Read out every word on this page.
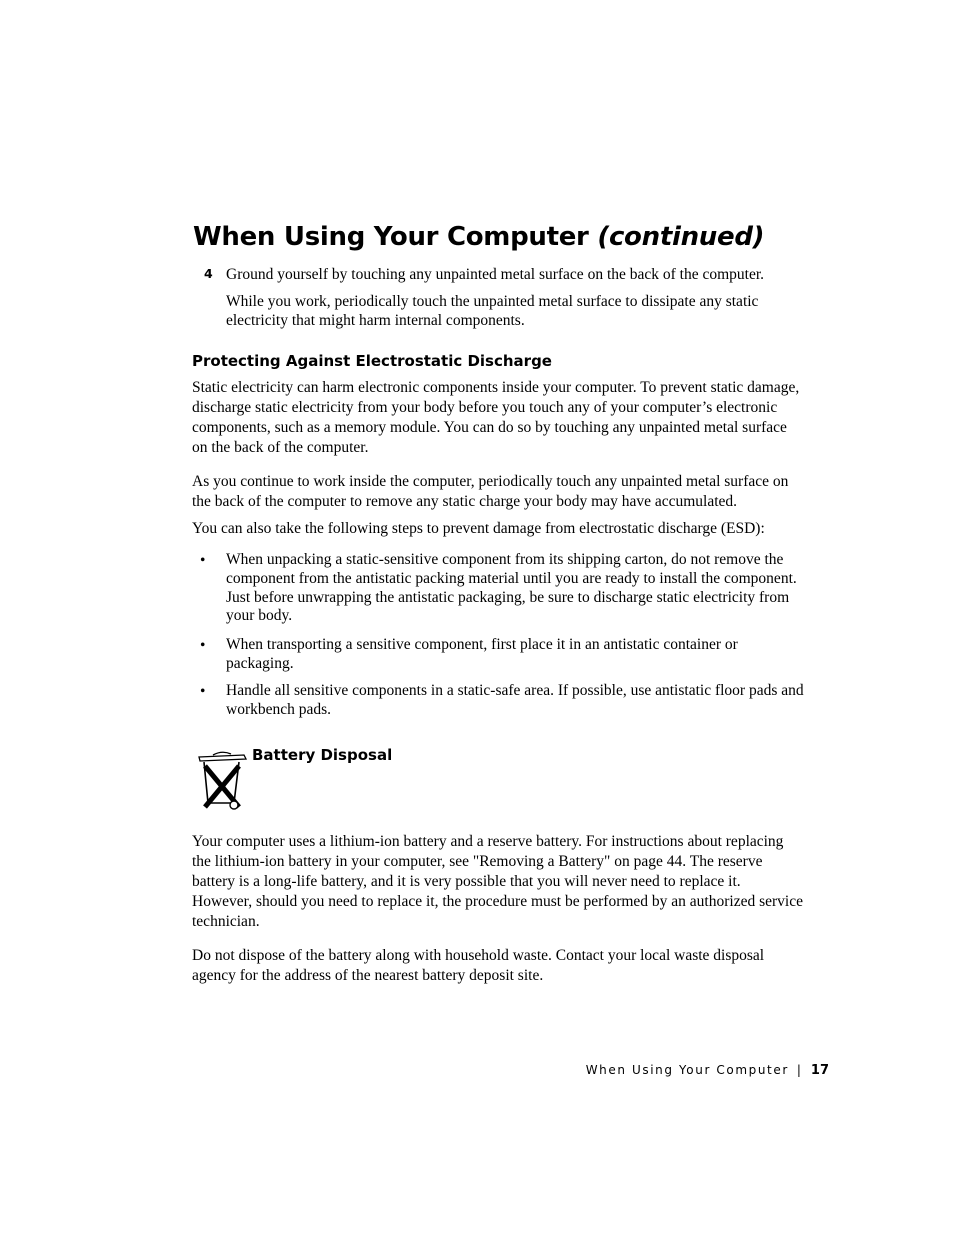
When Using Your Computer (continued)
4 Ground yourself by touching any unpainted metal surface on the back of the computer.
While you work, periodically touch the unpainted metal surface to dissipate any static electricity that might harm internal components.
Protecting Against Electrostatic Discharge
Static electricity can harm electronic components inside your computer. To prevent static damage, discharge static electricity from your body before you touch any of your computer’s electronic components, such as a memory module. You can do so by touching any unpainted metal surface on the back of the computer.
As you continue to work inside the computer, periodically touch any unpainted metal surface on the back of the computer to remove any static charge your body may have accumulated.
You can also take the following steps to prevent damage from electrostatic discharge (ESD):
• When unpacking a static-sensitive component from its shipping carton, do not remove the component from the antistatic packing material until you are ready to install the component. Just before unwrapping the antistatic packaging, be sure to discharge static electricity from your body.
• When transporting a sensitive component, first place it in an antistatic container or packaging.
• Handle all sensitive components in a static-safe area. If possible, use antistatic floor pads and workbench pads.
Battery Disposal
Your computer uses a lithium-ion battery and a reserve battery. For instructions about replacing the lithium-ion battery in your computer, see "Removing a Battery" on page 44. The reserve battery is a long-life battery, and it is very possible that you will never need to replace it. However, should you need to replace it, the procedure must be performed by an authorized service technician.
Do not dispose of the battery along with household waste. Contact your local waste disposal agency for the address of the nearest battery deposit site.
When Using Your Computer | 17
